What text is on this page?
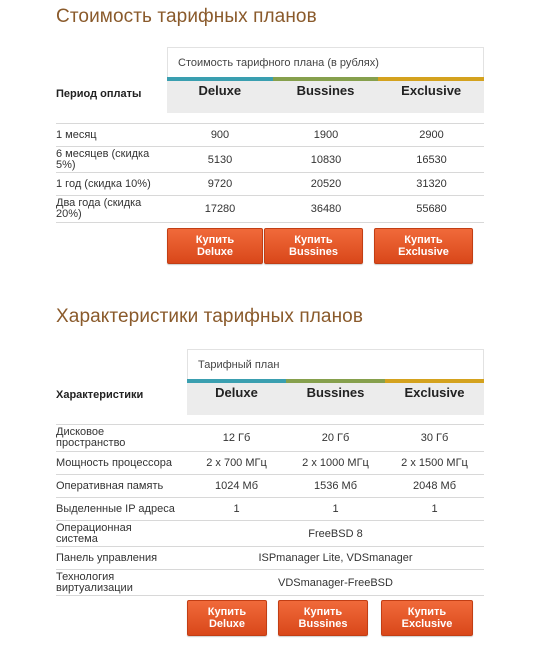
Стоимость тарифных планов
Стоимость тарифного плана (в рублях)
Deluxe	Bussines	Exclusive
Период оплаты
1 месяц	900	1900	2900
6 месяцев (скидка 5%)	5130	10830	16530
1 год (скидка 10%)	9720	20520	31320
Два года (скидка 20%)	17280	36480	55680
Купить
Deluxe
Купить
Bussines
Купить
Exclusive
Характеристики тарифных планов
Тарифный план
Deluxe	Bussines	Exclusive
Характеристики
Дисковое пространство	12 Гб	20 Гб	30 Гб
Мощность процессора	2 x 700 МГц	2 x 1000 МГц	2 x 1500 МГц
Оперативная память	1024 Мб	1536 Мб	2048 Мб
Выделенные IP адреса	1	1	1
Операционная система	FreeBSD 8
Панель управления	ISPmanager Lite, VDSmanager
Технология виртуализации	VDSmanager-FreeBSD
Купить
Deluxe
Купить
Bussines
Купить
Exclusive
